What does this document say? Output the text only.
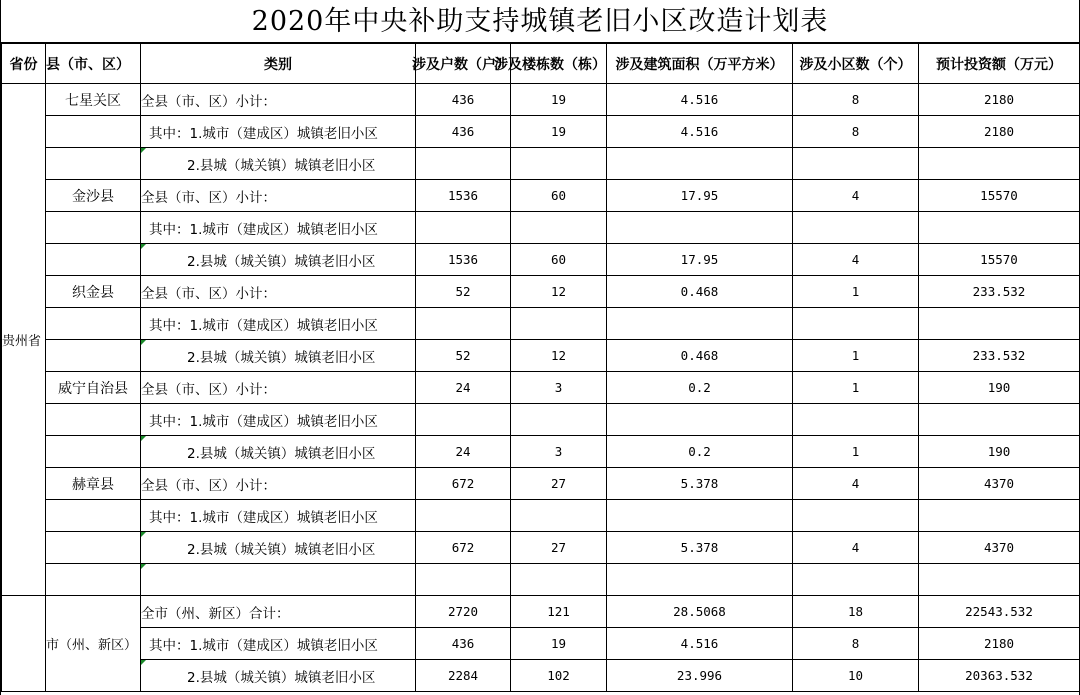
2020年中央补助支持城镇老旧小区改造计划表
省份	县（市、区）	类别	涉及户数（户）	涉及楼栋数（栋）	涉及建筑面积（万平方米）	涉及小区数（个）	预计投资额（万元）
贵州省	七星关区	全县（市、区）小计：	436	19	4.516	8	2180
		其中：1.城市（建成区）城镇老旧小区	436	19	4.516	8	2180
		2.县城（城关镇）城镇老旧小区					
	金沙县	全县（市、区）小计：	1536	60	17.95	4	15570
		其中：1.城市（建成区）城镇老旧小区					
		2.县城（城关镇）城镇老旧小区	1536	60	17.95	4	15570
	织金县	全县（市、区）小计：	52	12	0.468	1	233.532
		其中：1.城市（建成区）城镇老旧小区					
		2.县城（城关镇）城镇老旧小区	52	12	0.468	1	233.532
	威宁自治县	全县（市、区）小计：	24	3	0.2	1	190
		其中：1.城市（建成区）城镇老旧小区					
		2.县城（城关镇）城镇老旧小区	24	3	0.2	1	190
	赫章县	全县（市、区）小计：	672	27	5.378	4	4370
		其中：1.城市（建成区）城镇老旧小区					
		2.县城（城关镇）城镇老旧小区	672	27	5.378	4	4370

	市（州、新区）	全市（州、新区）合计：	2720	121	28.5068	18	22543.532
		其中：1.城市（建成区）城镇老旧小区	436	19	4.516	8	2180
		2.县城（城关镇）城镇老旧小区	2284	102	23.996	10	20363.532
